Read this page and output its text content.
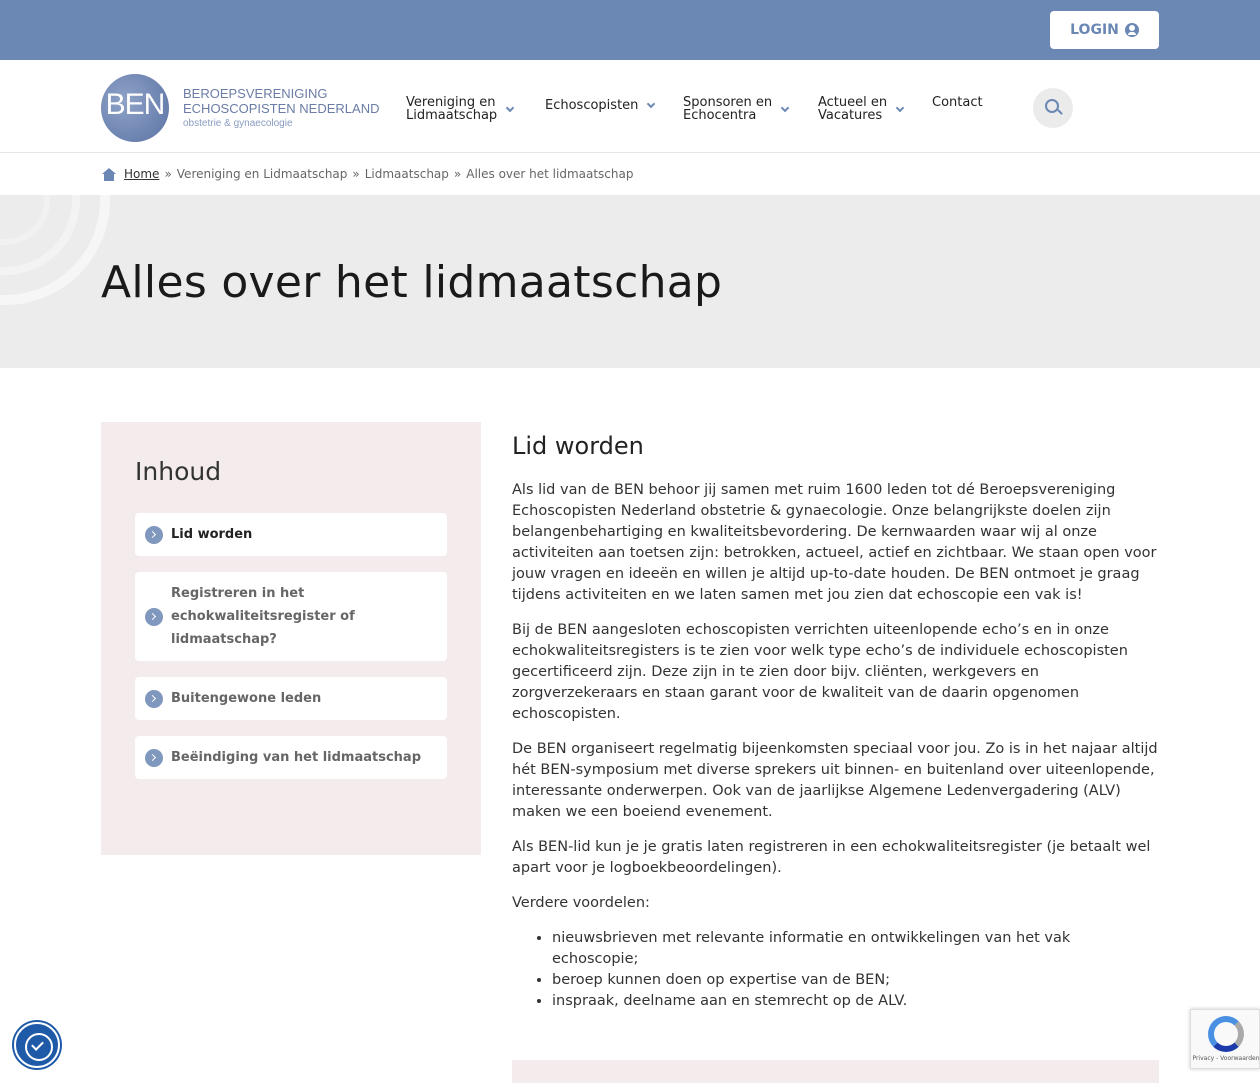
LOGIN
BEN	BEROEPSVERENIGING
ECHOSCOPISTEN NEDERLAND
obstetrie & gynaecologie
Vereniging en
Lidmaatschap
Echoscopisten	Sponsoren en
Echocentra
Actueel en
Vacatures
Contact
Home » Vereniging en Lidmaatschap » Lidmaatschap » Alles over het lidmaatschap
Alles over het lidmaatschap
Inhoud
Lid worden
Registreren in het echokwaliteitsregister of lidmaatschap?
Buitengewone leden
Beëindiging van het lidmaatschap
Lid worden

Als lid van de BEN behoor jij samen met ruim 1600 leden tot dé Beroepsvereniging Echoscopisten Nederland obstetrie & gynaecologie. Onze belangrijkste doelen zijn belangenbehartiging en kwaliteitsbevordering. De kernwaarden waar wij al onze activiteiten aan toetsen zijn: betrokken, actueel, actief en zichtbaar. We staan open voor jouw vragen en ideeën en willen je altijd up-to-date houden. De BEN ontmoet je graag tijdens activiteiten en we laten samen met jou zien dat echoscopie een vak is!

Bij de BEN aangesloten echoscopisten verrichten uiteenlopende echo’s en in onze echokwaliteitsregisters is te zien voor welk type echo’s de individuele echoscopisten gecertificeerd zijn. Deze zijn in te zien door bijv. cliënten, werkgevers en zorgverzekeraars en staan garant voor de kwaliteit van de daarin opgenomen echoscopisten.

De BEN organiseert regelmatig bijeenkomsten speciaal voor jou. Zo is in het najaar altijd hét BEN-symposium met diverse sprekers uit binnen- en buitenland over uiteenlopende, interessante onderwerpen. Ook van de jaarlijkse Algemene Ledenvergadering (ALV) maken we een boeiend evenement.

Als BEN-lid kun je je gratis laten registreren in een echokwaliteitsregister (je betaalt wel apart voor je logboekbeoordelingen).

Verdere voordelen:

• nieuwsbrieven met relevante informatie en ontwikkelingen van het vak echoscopie;
• beroep kunnen doen op expertise van de BEN;
• inspraak, deelname aan en stemrecht op de ALV.
Privacy - Voorwaarden
